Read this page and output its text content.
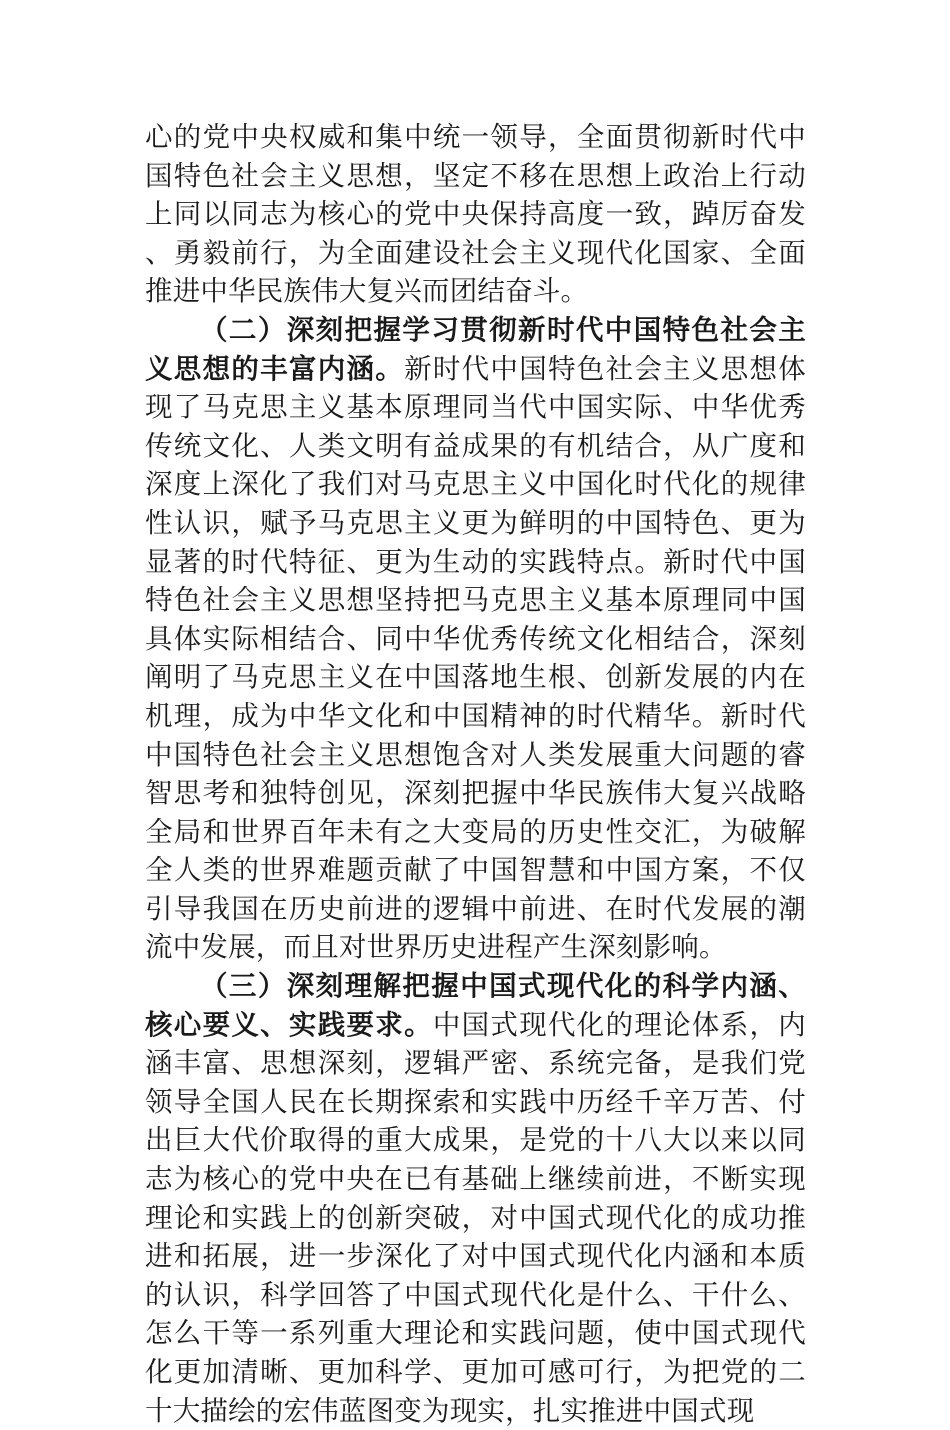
心的党中央权威和集中统一领导，全面贯彻新时代中国特色社会主义思想，坚定不移在思想上政治上行动上同以同志为核心的党中央保持高度一致，踔厉奋发、勇毅前行，为全面建设社会主义现代化国家、全面推进中华民族伟大复兴而团结奋斗。

（二）深刻把握学习贯彻新时代中国特色社会主义思想的丰富内涵。新时代中国特色社会主义思想体现了马克思主义基本原理同当代中国实际、中华优秀传统文化、人类文明有益成果的有机结合，从广度和深度上深化了我们对马克思主义中国化时代化的规律性认识，赋予马克思主义更为鲜明的中国特色、更为显著的时代特征、更为生动的实践特点。新时代中国特色社会主义思想坚持把马克思主义基本原理同中国具体实际相结合、同中华优秀传统文化相结合，深刻阐明了马克思主义在中国落地生根、创新发展的内在机理，成为中华文化和中国精神的时代精华。新时代中国特色社会主义思想饱含对人类发展重大问题的睿智思考和独特创见，深刻把握中华民族伟大复兴战略全局和世界百年未有之大变局的历史性交汇，为破解全人类的世界难题贡献了中国智慧和中国方案，不仅引导我国在历史前进的逻辑中前进、在时代发展的潮流中发展，而且对世界历史进程产生深刻影响。

（三）深刻理解把握中国式现代化的科学内涵、核心要义、实践要求。中国式现代化的理论体系，内涵丰富、思想深刻，逻辑严密、系统完备，是我们党领导全国人民在长期探索和实践中历经千辛万苦、付出巨大代价取得的重大成果，是党的十八大以来以同志为核心的党中央在已有基础上继续前进，不断实现理论和实践上的创新突破，对中国式现代化的成功推进和拓展，进一步深化了对中国式现代化内涵和本质的认识，科学回答了中国式现代化是什么、干什么、怎么干等一系列重大理论和实践问题，使中国式现代化更加清晰、更加科学、更加可感可行，为把党的二十大描绘的宏伟蓝图变为现实，扎实推进中国式现
